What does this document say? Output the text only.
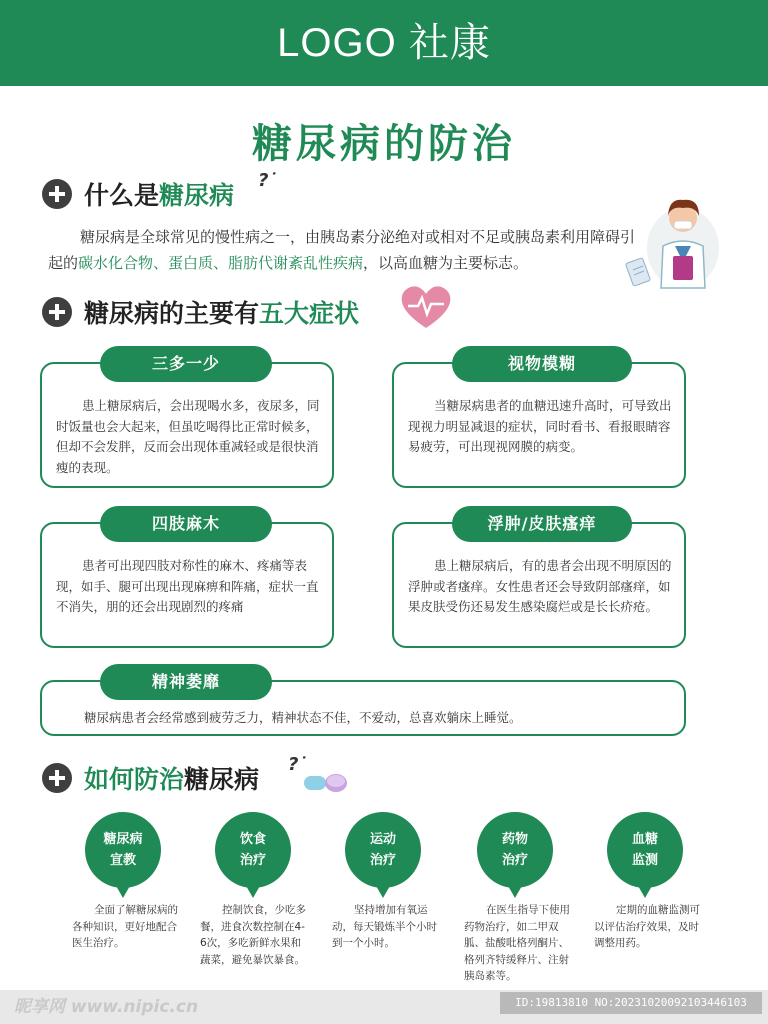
LOGO 社康
糖尿病的防治
什么是 糖尿病
?˙
糖尿病是全球常见的慢性病之一，由胰岛素分泌绝对或相对不足或胰岛素利用障碍引起的碳水化合物、蛋白质、脂肪代谢紊乱性疾病，以高血糖为主要标志。
糖尿病的主要有 五大症状
三多一少
患上糖尿病后，会出现喝水多，夜尿多，同时饭量也会大起来，但虽吃喝得比正常时候多，但却不会发胖，反而会出现体重减轻或是很快消瘦的表现。
视物模糊
当糖尿病患者的血糖迅速升高时，可导致出现视力明显减退的症状，同时看书、看报眼睛容易疲劳，可出现视网膜的病变。
四肢麻木
患者可出现四肢对称性的麻木、疼痛等表现，如手、腿可出现出现麻痹和阵痛，症状一直不消失，朋的还会出现剧烈的疼痛
浮肿/皮肤瘙痒
患上糖尿病后，有的患者会出现不明原因的浮肿或者瘙痒。女性患者还会导致阴部瘙痒，如果皮肤受伤还易发生感染腐烂或是长长疥疮。
精神萎靡
糖尿病患者会经常感到疲劳乏力，精神状态不佳，不爱动，总喜欢躺床上睡觉。
如何防治 糖尿病
?˙
糖尿病
宣教
饮食
治疗
运动
治疗
药物
治疗
血糖
监测
全面了解糖尿病的各种知识，更好地配合医生治疗。
控制饮食，少吃多餐，进食次数控制在4-6次，多吃新鲜水果和蔬菜，避免暴饮暴食。
坚持增加有氧运动，每天锻炼半个小时到一个小时。
在医生指导下使用药物治疗，如二甲双胍、盐酸吡格列酮片、格列齐特缓释片、注射胰岛素等。
定期的血糖监测可以评估治疗效果，及时调整用药。
昵享网 www.nipic.cn	ID:19813810 NO:20231020092103446103
